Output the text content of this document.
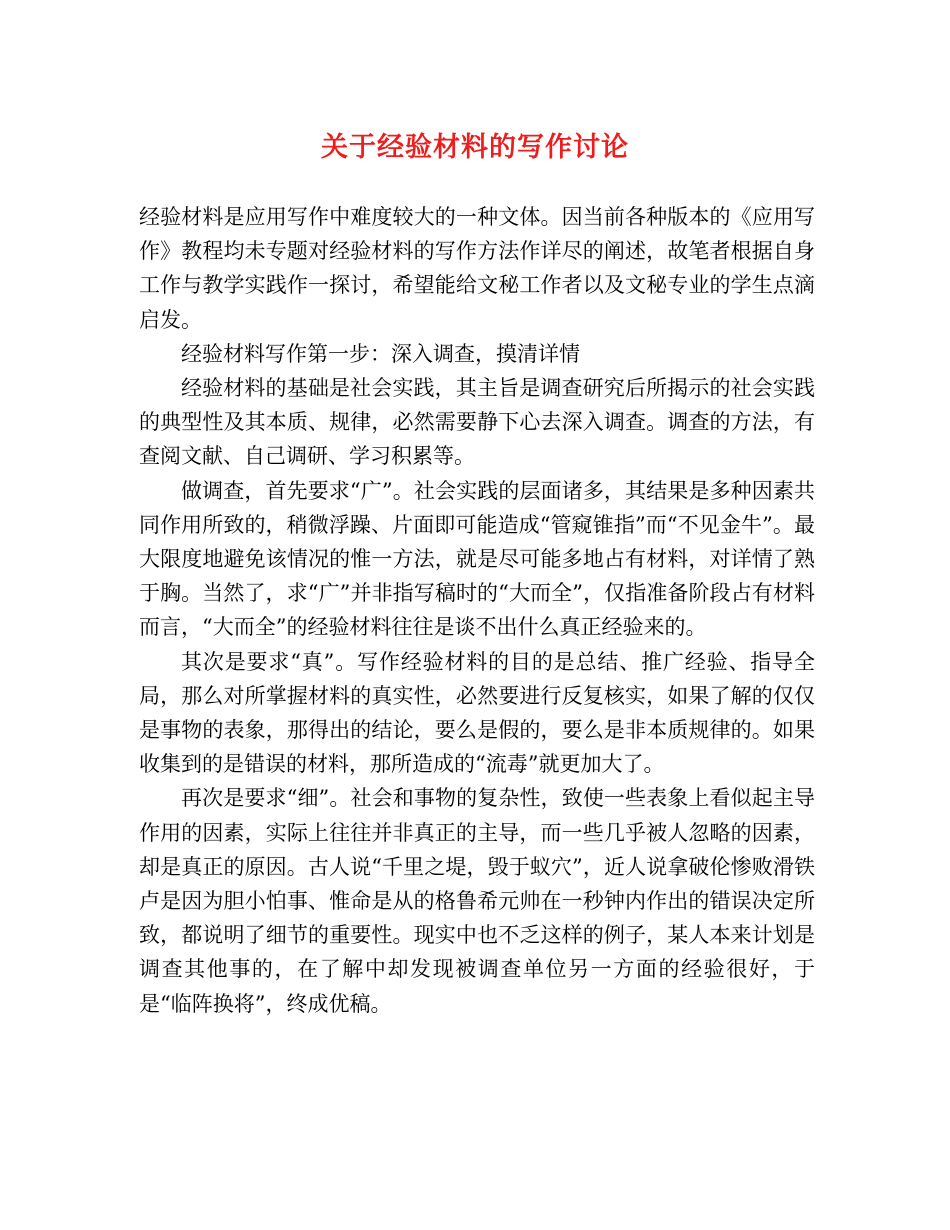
关于经验材料的写作讨论

经验材料是应用写作中难度较大的一种文体。因当前各种版本的《应用写作》教程均未专题对经验材料的写作方法作详尽的阐述，故笔者根据自身工作与教学实践作一探讨，希望能给文秘工作者以及文秘专业的学生点滴启发。

经验材料写作第一步：深入调查，摸清详情

经验材料的基础是社会实践，其主旨是调查研究后所揭示的社会实践的典型性及其本质、规律，必然需要静下心去深入调查。调查的方法，有查阅文献、自己调研、学习积累等。

做调查，首先要求“广”。社会实践的层面诸多，其结果是多种因素共同作用所致的，稍微浮躁、片面即可能造成“管窥锥指”而“不见金牛”。最大限度地避免该情况的惟一方法，就是尽可能多地占有材料，对详情了熟于胸。当然了，求“广”并非指写稿时的“大而全”，仅指准备阶段占有材料而言，“大而全”的经验材料往往是谈不出什么真正经验来的。

其次是要求“真”。写作经验材料的目的是总结、推广经验、指导全局，那么对所掌握材料的真实性，必然要进行反复核实，如果了解的仅仅是事物的表象，那得出的结论，要么是假的，要么是非本质规律的。如果收集到的是错误的材料，那所造成的“流毒”就更加大了。

再次是要求“细”。社会和事物的复杂性，致使一些表象上看似起主导作用的因素，实际上往往并非真正的主导，而一些几乎被人忽略的因素，却是真正的原因。古人说“千里之堤，毁于蚁穴”，近人说拿破伦惨败滑铁卢是因为胆小怕事、惟命是从的格鲁希元帅在一秒钟内作出的错误决定所致，都说明了细节的重要性。现实中也不乏这样的例子，某人本来计划是调查其他事的，在了解中却发现被调查单位另一方面的经验很好，于是“临阵换将”，终成优稿。
